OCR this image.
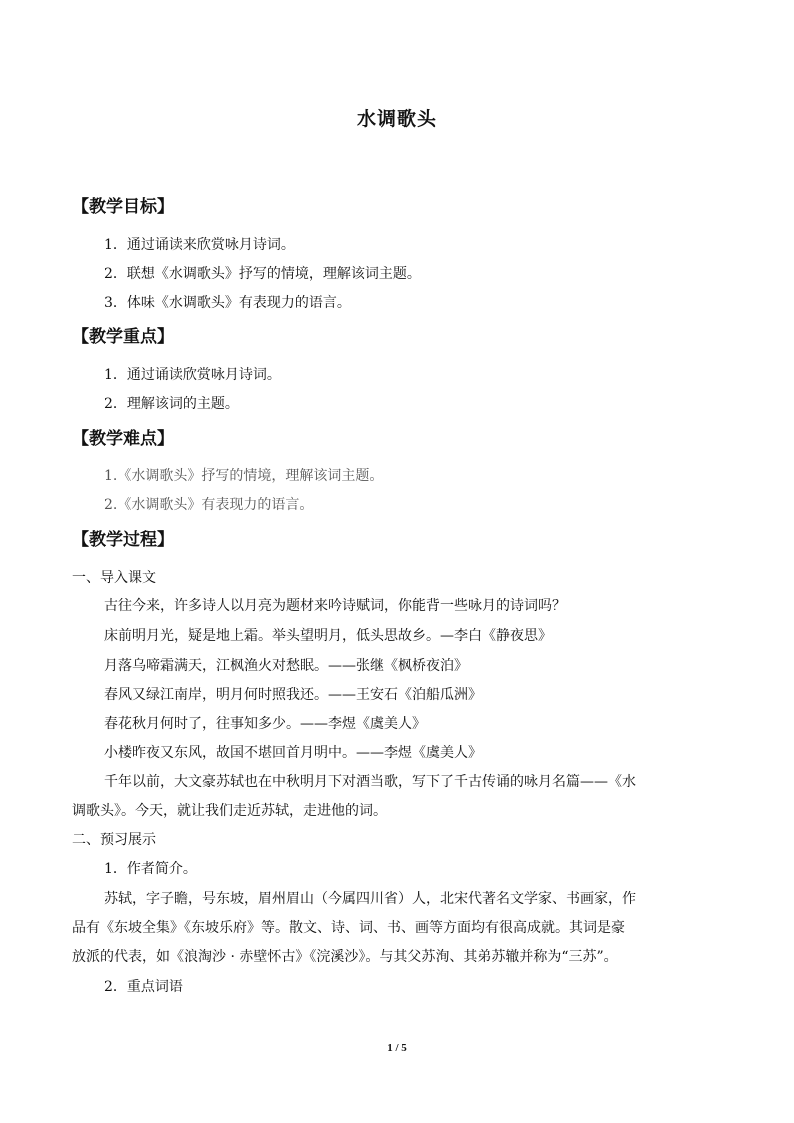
水调歌头
【教学目标】
1．通过诵读来欣赏咏月诗词。
2．联想《水调歌头》抒写的情境，理解该词主题。
3．体味《水调歌头》有表现力的语言。
【教学重点】
1．通过诵读欣赏咏月诗词。
2．理解该词的主题。
【教学难点】
1.《水调歌头》抒写的情境，理解该词主题。
2.《水调歌头》有表现力的语言。
【教学过程】
一、导入课文
古往今来，许多诗人以月亮为题材来吟诗赋词，你能背一些咏月的诗词吗？
床前明月光，疑是地上霜。举头望明月，低头思故乡。—李白《静夜思》
月落乌啼霜满天，江枫渔火对愁眠。——张继《枫桥夜泊》
春风又绿江南岸，明月何时照我还。——王安石《泊船瓜洲》
春花秋月何时了，往事知多少。——李煜《虞美人》
小楼昨夜又东风，故国不堪回首月明中。——李煜《虞美人》
千年以前，大文豪苏轼也在中秋明月下对酒当歌，写下了千古传诵的咏月名篇——《水
调歌头》。今天，就让我们走近苏轼，走进他的词。
二、预习展示
1．作者简介。
苏轼，字子瞻，号东坡，眉州眉山（今属四川省）人，北宋代著名文学家、书画家，作
品有《东坡全集》《东坡乐府》等。散文、诗、词、书、画等方面均有很高成就。其词是豪
放派的代表，如《浪淘沙 · 赤壁怀古》《浣溪沙》。与其父苏洵、其弟苏辙并称为“三苏”。
2．重点词语
1 / 5
